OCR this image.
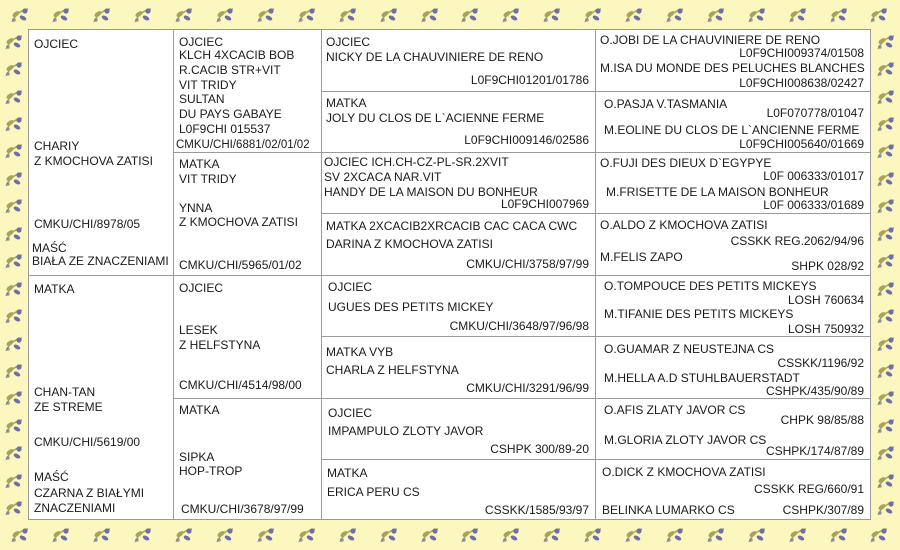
OJCIEC
CHARIY
Z KMOCHOVA ZATISI
CMKU/CHI/8978/05
MAŚĆ
BIAŁA ZE ZNACZENIAMI
MATKA
CHAN-TAN
ZE STREME
CMKU/CHI/5619/00
MAŚĆ
CZARNA Z BIAŁYMI
ZNACZENIAMI
OJCIEC
KLCH 4XCACIB BOB
R.CACIB STR+VIT
VIT TRIDY
SULTAN
DU PAYS GABAYE
L0F9CHI 015537
CMKU/CHI/6881/02/01/02
MATKA
VIT TRIDY
YNNA
Z KMOCHOVA ZATISI
CMKU/CHI/5965/01/02
OJCIEC
LESEK
Z HELFSTYNA
CMKU/CHI/4514/98/00
MATKA
SIPKA
HOP-TROP
CMKU/CHI/3678/97/99
OJCIEC
NICKY DE LA CHAUVINIERE DE RENO
L0F9CHI01201/01786
MATKA
JOLY DU CLOS DE L`ACIENNE FERME
L0F9CHI009146/02586
OJCIEC ICH.CH-CZ-PL-SR.2XVIT
SV 2XCACA NAR.VIT
HANDY DE LA MAISON DU BONHEUR
L0F9CHI007969
MATKA 2XCACIB2XRCACIB CAC CACA CWC
DARINA Z KMOCHOVA ZATISI
CMKU/CHI/3758/97/99
OJCIEC
UGUES DES PETITS MICKEY
CMKU/CHI/3648/97/96/98
MATKA VYB
CHARLA Z HELFSTYNA
CMKU/CHI/3291/96/99
OJCIEC
IMPAMPULO ZLOTY JAVOR
CSHPK 300/89-20
MATKA
ERICA PERU CS
CSSKK/1585/93/97
O.JOBI DE LA CHAUVINIERE DE RENO
L0F9CHI009374/01508
M.ISA DU MONDE DES PELUCHES BLANCHES
L0F9CHI008638/02427
O.PASJA V.TASMANIA
L0F070778/01047
M.EOLINE DU CLOS DE L`ANCIENNE FERME
L0F9CHI005640/01669
O.FUJI DES DIEUX D`EGYPYE
L0F 006333/01017
M.FRISETTE DE LA MAISON BONHEUR
L0F 006333/01689
O.ALDO Z KMOCHOVA ZATISI
CSSKK REG.2062/94/96
M.FELIS ZAPO
SHPK 028/92
O.TOMPOUCE DES PETITS MICKEYS
LOSH 760634
M.TIFANIE DES PETITS MICKEYS
LOSH 750932
O.GUAMAR Z NEUSTEJNA CS
CSSKK/1196/92
M.HELLA A.D STUHLBAUERSTADT
CSHPK/435/90/89
O.AFIS ZLATY JAVOR CS
CHPK 98/85/88
M.GLORIA ZLOTY JAVOR CS
CSHPK/174/87/89
O.DICK Z KMOCHOVA ZATISI
CSSKK REG/660/91
BELINKA LUMARKO CS	CSHPK/307/89
